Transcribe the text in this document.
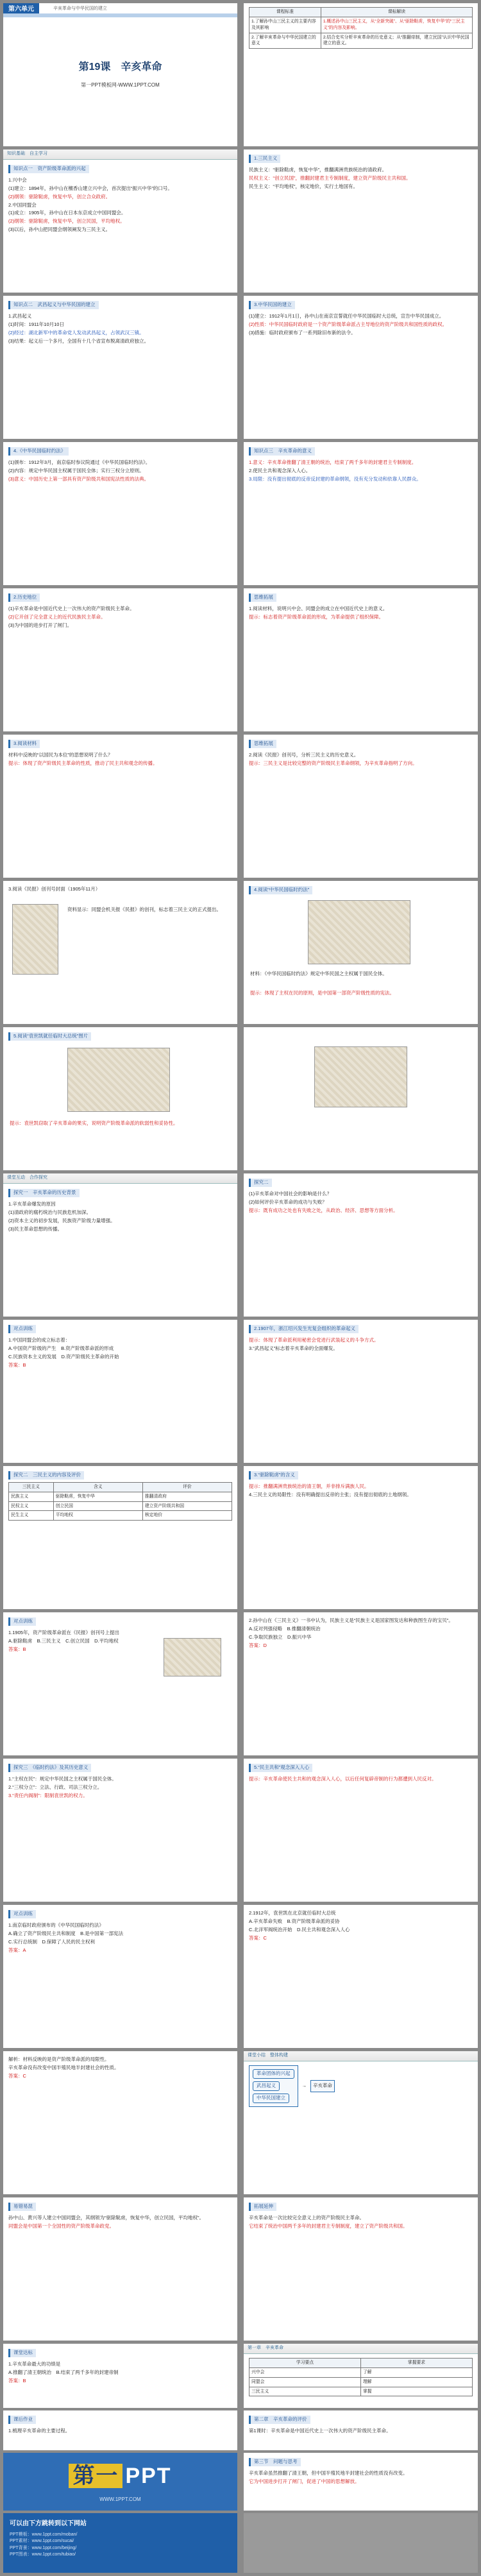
第六单元	辛亥革命与中华民国的建立
第19课　辛亥革命
第一PPT模板网-WWW.1PPT.COM
课程标准	课标解读
1.了解孙中山三民主义的主要内容及其影响	1.概述孙中山三民主义，从“全新突破”、从“驱除鞑虏，恢复中华”的“三民主义”的内容及影响。
2.了解辛亥革命与中华民国建立的意义	2.结合史实分析辛亥革命的历史意义；从“推翻帝制，建立民国”认识中华民国建立的意义。
知识基础　自主学习
知识点一　资产阶级革命派的兴起
1.兴中会
(1)建立：1894年，孙中山在檀香山建立兴中会，首次提出“振兴中华”的口号。
(2)纲领：驱除鞑虏，恢复中华，创立合众政府。
2.中国同盟会
(1)成立：1905年，孙中山在日本东京成立中国同盟会。
(2)纲领：驱除鞑虏，恢复中华，创立民国，平均地权。
(3)以后，孙中山把同盟会纲领阐发为三民主义。
1.三民主义
民族主义：“驱除鞑虏，恢复中华”，推翻满洲贵族统治的清政府。
民权主义：“创立民国”，推翻封建君主专制制度，建立资产阶级民主共和国。
民生主义：“平均地权”，核定地价，实行土地国有。
知识点二　武昌起义与中华民国的建立
1.武昌起义
(1)时间：1911年10月10日
(2)经过：湖北新军中的革命党人发动武昌起义，占领武汉三镇。
(3)结果：起义后一个多月，全国有十几个省宣布脱离清政府独立。
3.中华民国的建立
(1)建立：1912年1月1日，孙中山在南京宣誓就任中华民国临时大总统，宣告中华民国成立。
(2)性质：中华民国临时政府是一个资产阶级革命派占主导地位的资产阶级共和国性质的政权。
(3)措施：临时政府颁布了一系列除旧布新的法令。
4.《中华民国临时约法》
(1)颁布：1912年3月，南京临时参议院通过《中华民国临时约法》。
(2)内容：规定中华民国主权属于国民全体；实行三权分立原则。
(3)意义：中国历史上第一部具有资产阶级共和国宪法性质的法典。
知识点三　辛亥革命的意义
1.意义：辛亥革命推翻了清王朝的统治，结束了两千多年的封建君主专制制度。
2.使民主共和观念深入人心。
3.局限：没有提出彻底的反帝反封建的革命纲领，没有充分发动和依靠人民群众。
2.历史地位
(1)辛亥革命是中国近代史上一次伟大的资产阶级民主革命。
(2)它开创了完全意义上的近代民族民主革命。
(3)为中国的进步打开了闸门。
思维拓展
1.阅读材料，说明兴中会、同盟会的成立在中国近代史上的意义。
提示：标志着资产阶级革命派的形成，为革命提供了组织保障。
3.阅读材料
材料中反映的“以国民为本位”的思想说明了什么？
提示：体现了资产阶级民主革命的性质，推动了民主共和观念的传播。
思维拓展
2.阅读《民报》创刊号，分析三民主义的历史意义。
提示：三民主义是比较完整的资产阶级民主革命纲领，为辛亥革命指明了方向。
3.阅读《民报》创刊号封面（1905年11月）
资料显示：同盟会机关报《民报》的创刊，标志着三民主义的正式提出。
4.阅读“中华民国临时约法”
材料：《中华民国临时约法》规定中华民国之主权属于国民全体。
提示：体现了主权在民的原则，是中国第一部资产阶级性质的宪法。
5.阅读“袁世凯就任临时大总统”图片
提示：袁世凯窃取了辛亥革命的果实，说明资产阶级革命派的软弱性和妥协性。
课堂互动　合作探究
探究一　辛亥革命的历史背景
1.辛亥革命爆发的原因
(1)清政府的腐朽统治与民族危机加深。
(2)资本主义的初步发展，民族资产阶级力量增强。
(3)民主革命思想的传播。
探究二
(1)辛亥革命对中国社会的影响是什么？
(2)如何评价辛亥革命的成功与失败？
提示：既有成功之处也有失败之处，从政治、经济、思想等方面分析。
对点训练
1.中国同盟会的成立标志着：
A.中国资产阶级的产生　B.资产阶级革命派的形成
C.民族资本主义的发展　D.资产阶级民主革命的开始
答案：B
2.1907年，浙江绍兴发生光复会组织的革命起义
提示：体现了革命派利用秘密会党进行武装起义的斗争方式。
3.“武昌起义”标志着辛亥革命的全面爆发。
探究二　三民主义的内容及评价
三民主义	含义	评价
民族主义	驱除鞑虏，恢复中华	推翻清政府
民权主义	创立民国	建立资产阶级共和国
民生主义	平均地权	核定地价
3.“驱除鞑虏”的含义
提示：推翻满洲贵族统治的清王朝，并非排斥满族人民。
4.三民主义的局限性：没有明确提出反帝的主张；没有提出彻底的土地纲领。
对点训练
1.1905年，资产阶级革命派在《民报》创刊号上提出
A.驱除鞑虏　B.三民主义　C.创立民国　D.平均地权
答案：B
2.孙中山在《三民主义》一书中认为，民族主义是“民族主义是国家图发达和种族图生存的宝贝”。
A.反对列强侵略　B.推翻清朝统治
C.争取民族独立　D.振兴中华
答案：D
探究三　《临时约法》及其历史意义
1.“主权在民”：规定中华民国之主权属于国民全体。
2.“三权分立”：立法、行政、司法三权分立。
3.“责任内阁制”：限制袁世凯的权力。
5.“民主共和”观念深入人心
提示：辛亥革命使民主共和的观念深入人心，以后任何复辟帝制的行为都遭到人民反对。
对点训练
1.南京临时政府颁布的《中华民国临时约法》
A.确立了资产阶级民主共和制度　B.是中国第一部宪法
C.实行总统制　D.保障了人民的民主权利
答案：A
2.1912年，袁世凯在北京就任临时大总统
A.辛亥革命失败　B.资产阶级革命派的妥协
C.北洋军阀统治开始　D.民主共和观念深入人心
答案：C
解析：材料反映的是资产阶级革命派的局限性。
辛亥革命没有改变中国半殖民地半封建社会的性质。
答案：C
课堂小结　整体构建
革命团体的兴起
武昌起义
中华民国建立
→	辛亥革命
易错易混
孙中山、黄兴等人建立中国同盟会，其纲领为“驱除鞑虏，恢复中华，创立民国，平均地权”。
同盟会是中国第一个全国性的资产阶级革命政党。
拓展延伸
辛亥革命是一次比较完全意义上的资产阶级民主革命。
它结束了统治中国两千多年的封建君主专制制度，建立了资产阶级共和国。
课堂达标
1.辛亥革命最大的功绩是
A.推翻了清王朝统治　B.结束了两千多年的封建帝制
答案：B
第一章　辛亥革命
学习要点	掌握要求
兴中会	了解
同盟会	理解
三民主义	掌握
课后作业
1.梳理辛亥革命的主要过程。
第二章　辛亥革命的评价
第1课时：辛亥革命是中国近代史上一次伟大的资产阶级民主革命。
第一 PPT
WWW.1PPT.COM
第三节　问题与思考
辛亥革命虽然推翻了清王朝，但中国半殖民地半封建社会的性质没有改变。
它为中国进步打开了闸门，促进了中国的思想解放。
可以由下方跳转到以下网站
PPT模板：www.1ppt.com/moban/
PPT素材：www.1ppt.com/sucai/
PPT背景：www.1ppt.com/beijing/
PPT图表：www.1ppt.com/tubiao/
